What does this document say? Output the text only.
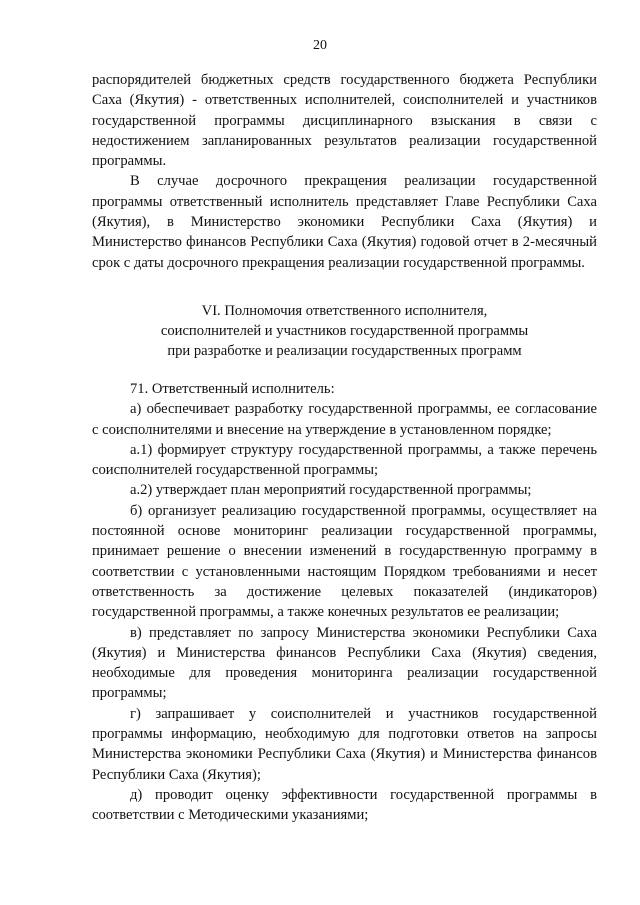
20

распорядителей бюджетных средств государственного бюджета Республики Саха (Якутия) - ответственных исполнителей, соисполнителей и участников государственной программы дисциплинарного взыскания в связи с недостижением запланированных результатов реализации государственной программы.

В случае досрочного прекращения реализации государственной программы ответственный исполнитель представляет Главе Республики Саха (Якутия), в Министерство экономики Республики Саха (Якутия) и Министерство финансов Республики Саха (Якутия) годовой отчет в 2-месячный срок с даты досрочного прекращения реализации государственной программы.

VI. Полномочия ответственного исполнителя,
соисполнителей и участников государственной программы
при разработке и реализации государственных программ

71. Ответственный исполнитель:

а) обеспечивает разработку государственной программы, ее согласование с соисполнителями и внесение на утверждение в установленном порядке;

а.1) формирует структуру государственной программы, а также перечень соисполнителей государственной программы;

а.2) утверждает план мероприятий государственной программы;

б) организует реализацию государственной программы, осуществляет на постоянной основе мониторинг реализации государственной программы, принимает решение о внесении изменений в государственную программу в соответствии с установленными настоящим Порядком требованиями и несет ответственность за достижение целевых показателей (индикаторов) государственной программы, а также конечных результатов ее реализации;

в) представляет по запросу Министерства экономики Республики Саха (Якутия) и Министерства финансов Республики Саха (Якутия) сведения, необходимые для проведения мониторинга реализации государственной программы;

г) запрашивает у соисполнителей и участников государственной программы информацию, необходимую для подготовки ответов на запросы Министерства экономики Республики Саха (Якутия) и Министерства финансов Республики Саха (Якутия);

д) проводит оценку эффективности государственной программы в соответствии с Методическими указаниями;
